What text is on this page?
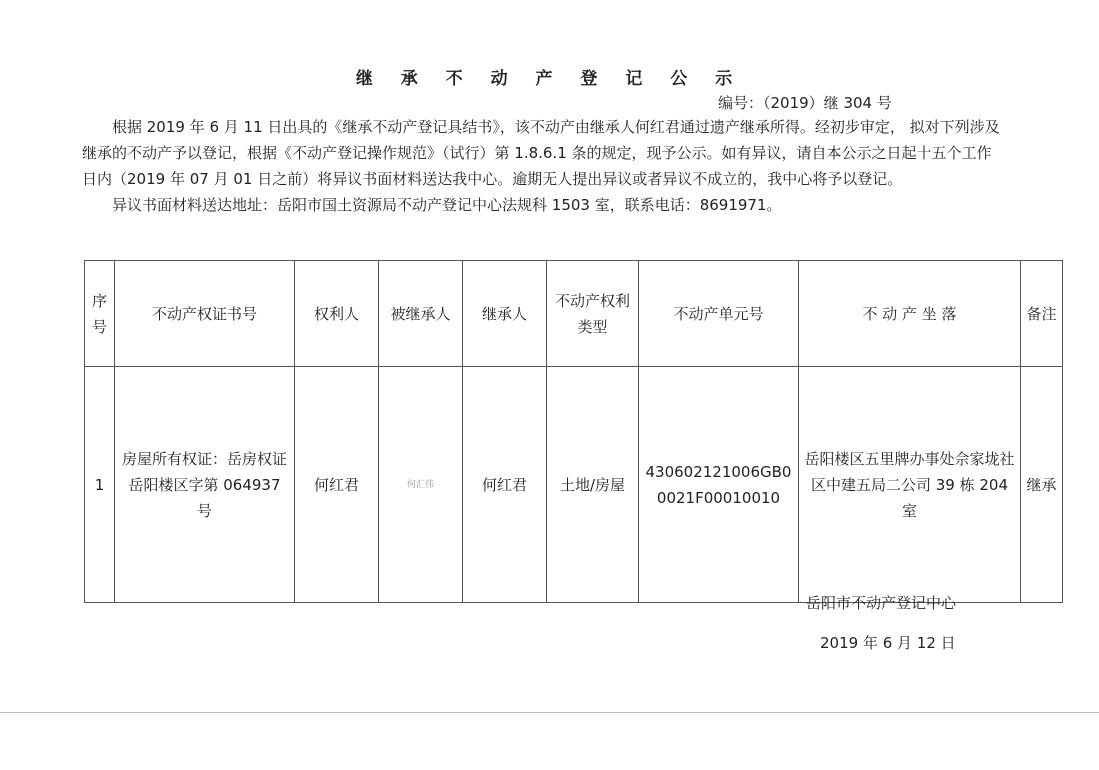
继 承 不 动 产 登 记 公 示
编号：（2019）继 304 号

根据 2019 年 6 月 11 日出具的《继承不动产登记具结书》，该不动产由继承人何红君通过遗产继承所得。经初步审定， 拟对下列涉及继承的不动产予以登记，根据《不动产登记操作规范》（试行）第 1.8.6.1 条的规定，现予公示。如有异议，请自本公示之日起十五个工作日内（2019 年 07 月 01 日之前）将异议书面材料送达我中心。逾期无人提出异议或者异议不成立的，我中心将予以登记。

异议书面材料送达地址：岳阳市国土资源局不动产登记中心法规科 1503 室，联系电话：8691971。

序号	不动产权证书号	权利人	被继承人	继承人	不动产权利类型	不动产单元号	不 动 产 坐 落	备注
1	房屋所有权证：岳房权证岳阳楼区字第 064937 号	何红君	何汇伟	何红君	土地/房屋	430602121006GB00021F00010010	岳阳楼区五里牌办事处佘家垅社区中建五局二公司 39 栋 204 室	继承
岳阳市不动产登记中心
2019 年 6 月 12 日
